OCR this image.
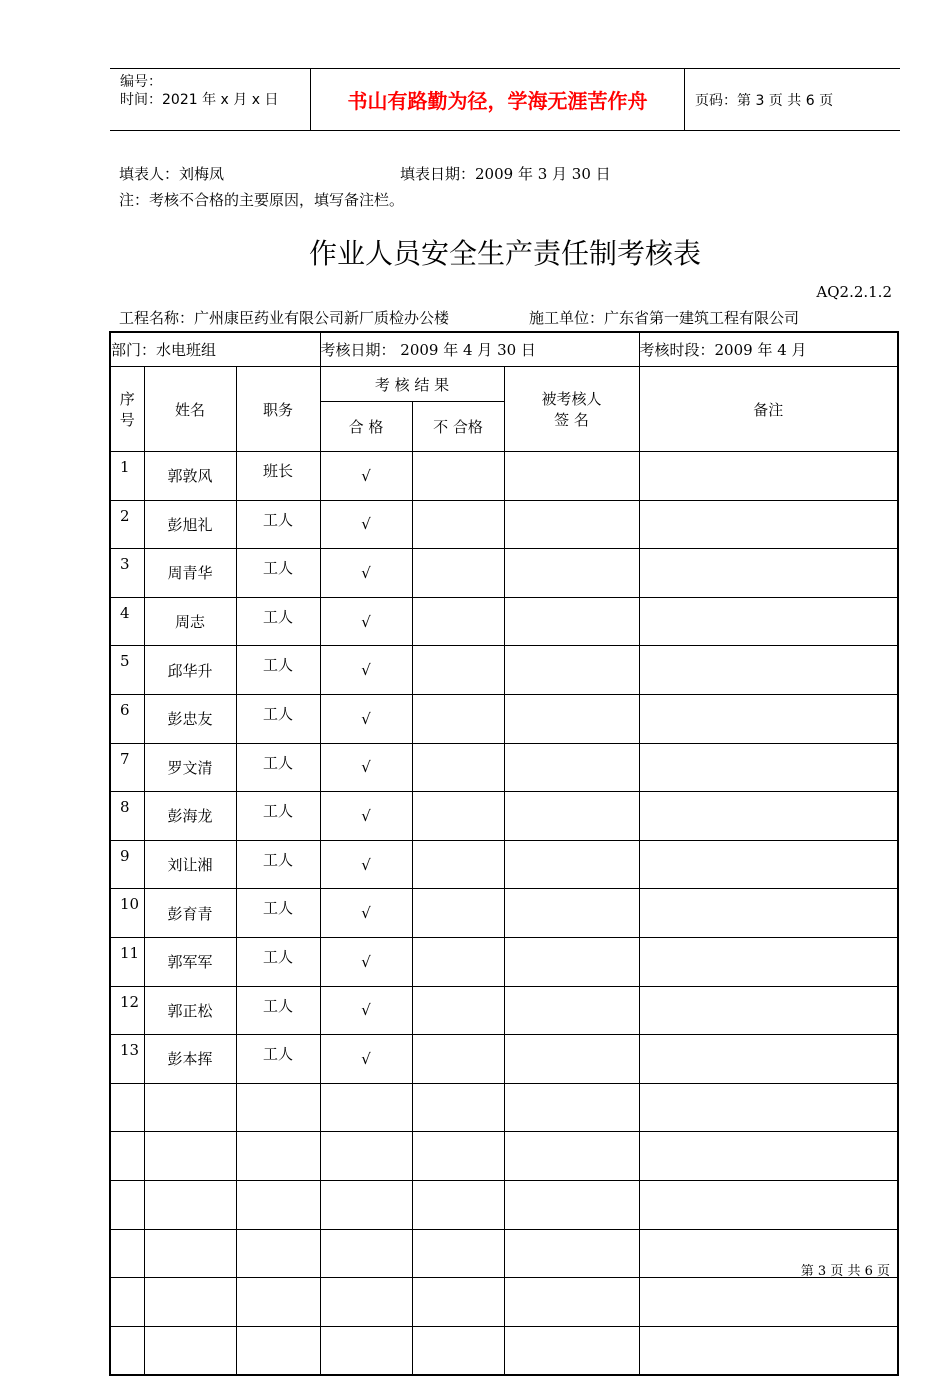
编号：
时间：2021 年 x 月 x 日	书山有路勤为径，学海无涯苦作舟	页码：第 3 页 共 6 页
填表人：刘梅凤	填表日期：2009 年 3 月 30 日
注：考核不合格的主要原因，填写备注栏。
作业人员安全生产责任制考核表
AQ2.2.1.2
工程名称：广州康臣药业有限公司新厂质检办公楼	施工单位：广东省第一建筑工程有限公司
部门：水电班组			考核日期： 2009 年 4 月 30 日			考核时段：2009 年 4 月
序号	姓名	职务	考 核 结 果		被考核人签 名	备注
			合 格	不 合格		
1	郭敦风	班长	√			
2	彭旭礼	工人	√			
3	周青华	工人	√			
4	周志	工人	√			
5	邱华升	工人	√			
6	彭忠友	工人	√			
7	罗文清	工人	√			
8	彭海龙	工人	√			
9	刘让湘	工人	√			
10	彭育青	工人	√			
11	郭军军	工人	√			
12	郭正松	工人	√			
13	彭本挥	工人	√			

第 3 页 共 6 页
